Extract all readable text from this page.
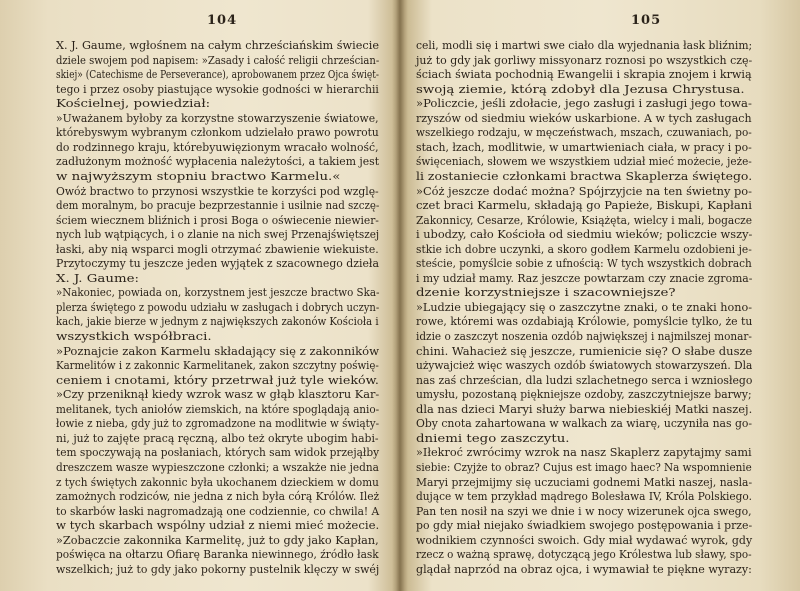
104
X. J. Gaume, wgłośnem na całym chrześciańskim świecie
dziele swojem pod napisem: »Zasady i całość religii chrześcian-
skiej» (Catechisme de Perseverance), aprobowanem przez Ojca święt-
tego i przez osoby piastujące wysokie godności w hierarchii
Kościelnej, powiedział:
»Uważanem byłoby za korzystne stowarzyszenie światowe,
którebyswym wybranym członkom udzielało prawo powrotu
do rodzinnego kraju, którebyuwięzionym wracało wolność,
zadłużonym możność wypłacenia należytości, a takiem jest
w najwyższym stopniu bractwo Karmelu.«
Owóż bractwo to przynosi wszystkie te korzyści pod wzglę-
dem moralnym, bo pracuje bezprzestannie i usilnie nad szczę-
ściem wiecznem bliźnich i prosi Boga o oświecenie niewier-
nych lub wątpiących, i o zlanie na nich swej Przenajświętszej
łaski, aby nią wsparci mogli otrzymać zbawienie wiekuiste.
Przytoczymy tu jeszcze jeden wyjątek z szacownego dzieła
X. J. Gaume:
»Nakoniec, powiada on, korzystnem jest jeszcze bractwo Ska-
plerza świętego z powodu udziału w zasługach i dobrych uczyn-
kach, jakie bierze w jednym z największych zakonów Kościoła i
wszystkich współbraci.
»Poznajcie zakon Karmelu składający się z zakonników
Karmelitów i z zakonnic Karmelitanek, zakon szczytny poświę-
ceniem i cnotami, który przetrwał już tyle wieków.
»Czy przeniknął kiedy wzrok wasz w głąb klasztoru Kar-
melitanek, tych aniołów ziemskich, na które spoglądają anio-
łowie z nieba, gdy już to zgromadzone na modlitwie w świąty-
ni, już to zajęte pracą ręczną, albo też okryte ubogim habi-
tem spoczywają na posłaniach, których sam widok przejąłby
dreszczem wasze wypieszczone członki; a wszakże nie jedna
z tych świętych zakonnic była ukochanem dzieckiem w domu
zamożnych rodziców, nie jedna z nich była córą Królów. Ileż
to skarbów łaski nagromadzają one codziennie, co chwila! A
w tych skarbach wspólny udział z niemi mieć możecie.
»Zobaczcie zakonnika Karmelitę, już to gdy jako Kapłan,
poświęca na ołtarzu Ofiarę Baranka niewinnego, źródło łask
wszelkich; już to gdy jako pokorny pustelnik klęczy w swéj
105
celi, modli się i martwi swe ciało dla wyjednania łask bliźnim;
już to gdy jak gorliwy missyonarz roznosi po wszystkich czę-
ściach świata pochodnią Ewangelii i skrapia znojem i krwią
swoją ziemie, którą zdobył dla Jezusa Chrystusa.
»Policzcie, jeśli zdołacie, jego zasługi i zasługi jego towa-
rzyszów od siedmiu wieków uskarbione. A w tych zasługach
wszelkiego rodzaju, w męczeństwach, mszach, czuwaniach, po-
stach, łzach, modlitwie, w umartwieniach ciała, w pracy i po-
święceniach, słowem we wszystkiem udział mieć możecie, jeże-
li zostaniecie członkami bractwa Skaplerza świętego.
»Cóż jeszcze dodać można? Spójrzyjcie na ten świetny po-
czet braci Karmelu, składają go Papieże, Biskupi, Kapłani
Zakonnicy, Cesarze, Królowie, Książęta, wielcy i mali, bogacze
i ubodzy, cało Kościoła od siedmiu wieków; policzcie wszy-
stkie ich dobre uczynki, a skoro godłem Karmelu ozdobieni je-
steście, pomyślcie sobie z ufnością: W tych wszystkich dobrach
i my udział mamy. Raz jeszcze powtarzam czy znacie zgroma-
dzenie korzystniejsze i szacowniejsze?
»Ludzie ubiegający się o zaszczytne znaki, o te znaki hono-
rowe, któremi was ozdabiają Królowie, pomyślcie tylko, że tu
idzie o zaszczyt noszenia ozdób największej i najmilszej monar-
chini. Wahacież się jeszcze, rumienicie się? O słabe dusze
używajcież więc waszych ozdób światowych stowarzyszeń. Dla
nas zaś chrześcian, dla ludzi szlachetnego serca i wzniosłego
umysłu, pozostaną piękniejsze ozdoby, zaszczytniejsze barwy;
dla nas dzieci Maryi służy barwa niebieskiéj Matki naszej.
Oby cnota zahartowana w walkach za wiarę, uczyniła nas go-
dniemi tego zaszczytu.
»Iłekroć zwrócimy wzrok na nasz Skaplerz zapytajmy sami
siebie: Czyjże to obraz? Cujus est imago haec? Na wspomnienie
Maryi przejmijmy się uczuciami godnemi Matki naszej, nasla-
dujące w tem przykład mądrego Bolesława IV, Króla Polskiego.
Pan ten nosił na szyi we dnie i w nocy wizerunek ojca swego,
po gdy miał niejako świadkiem swojego postępowania i prze-
wodnikiem czynności swoich. Gdy miał wydawać wyrok, gdy
rzecz o ważną sprawę, dotyczącą jego Królestwa lub sławy, spo-
glądał naprzód na obraz ojca, i wymawiał te piękne wyrazy:
